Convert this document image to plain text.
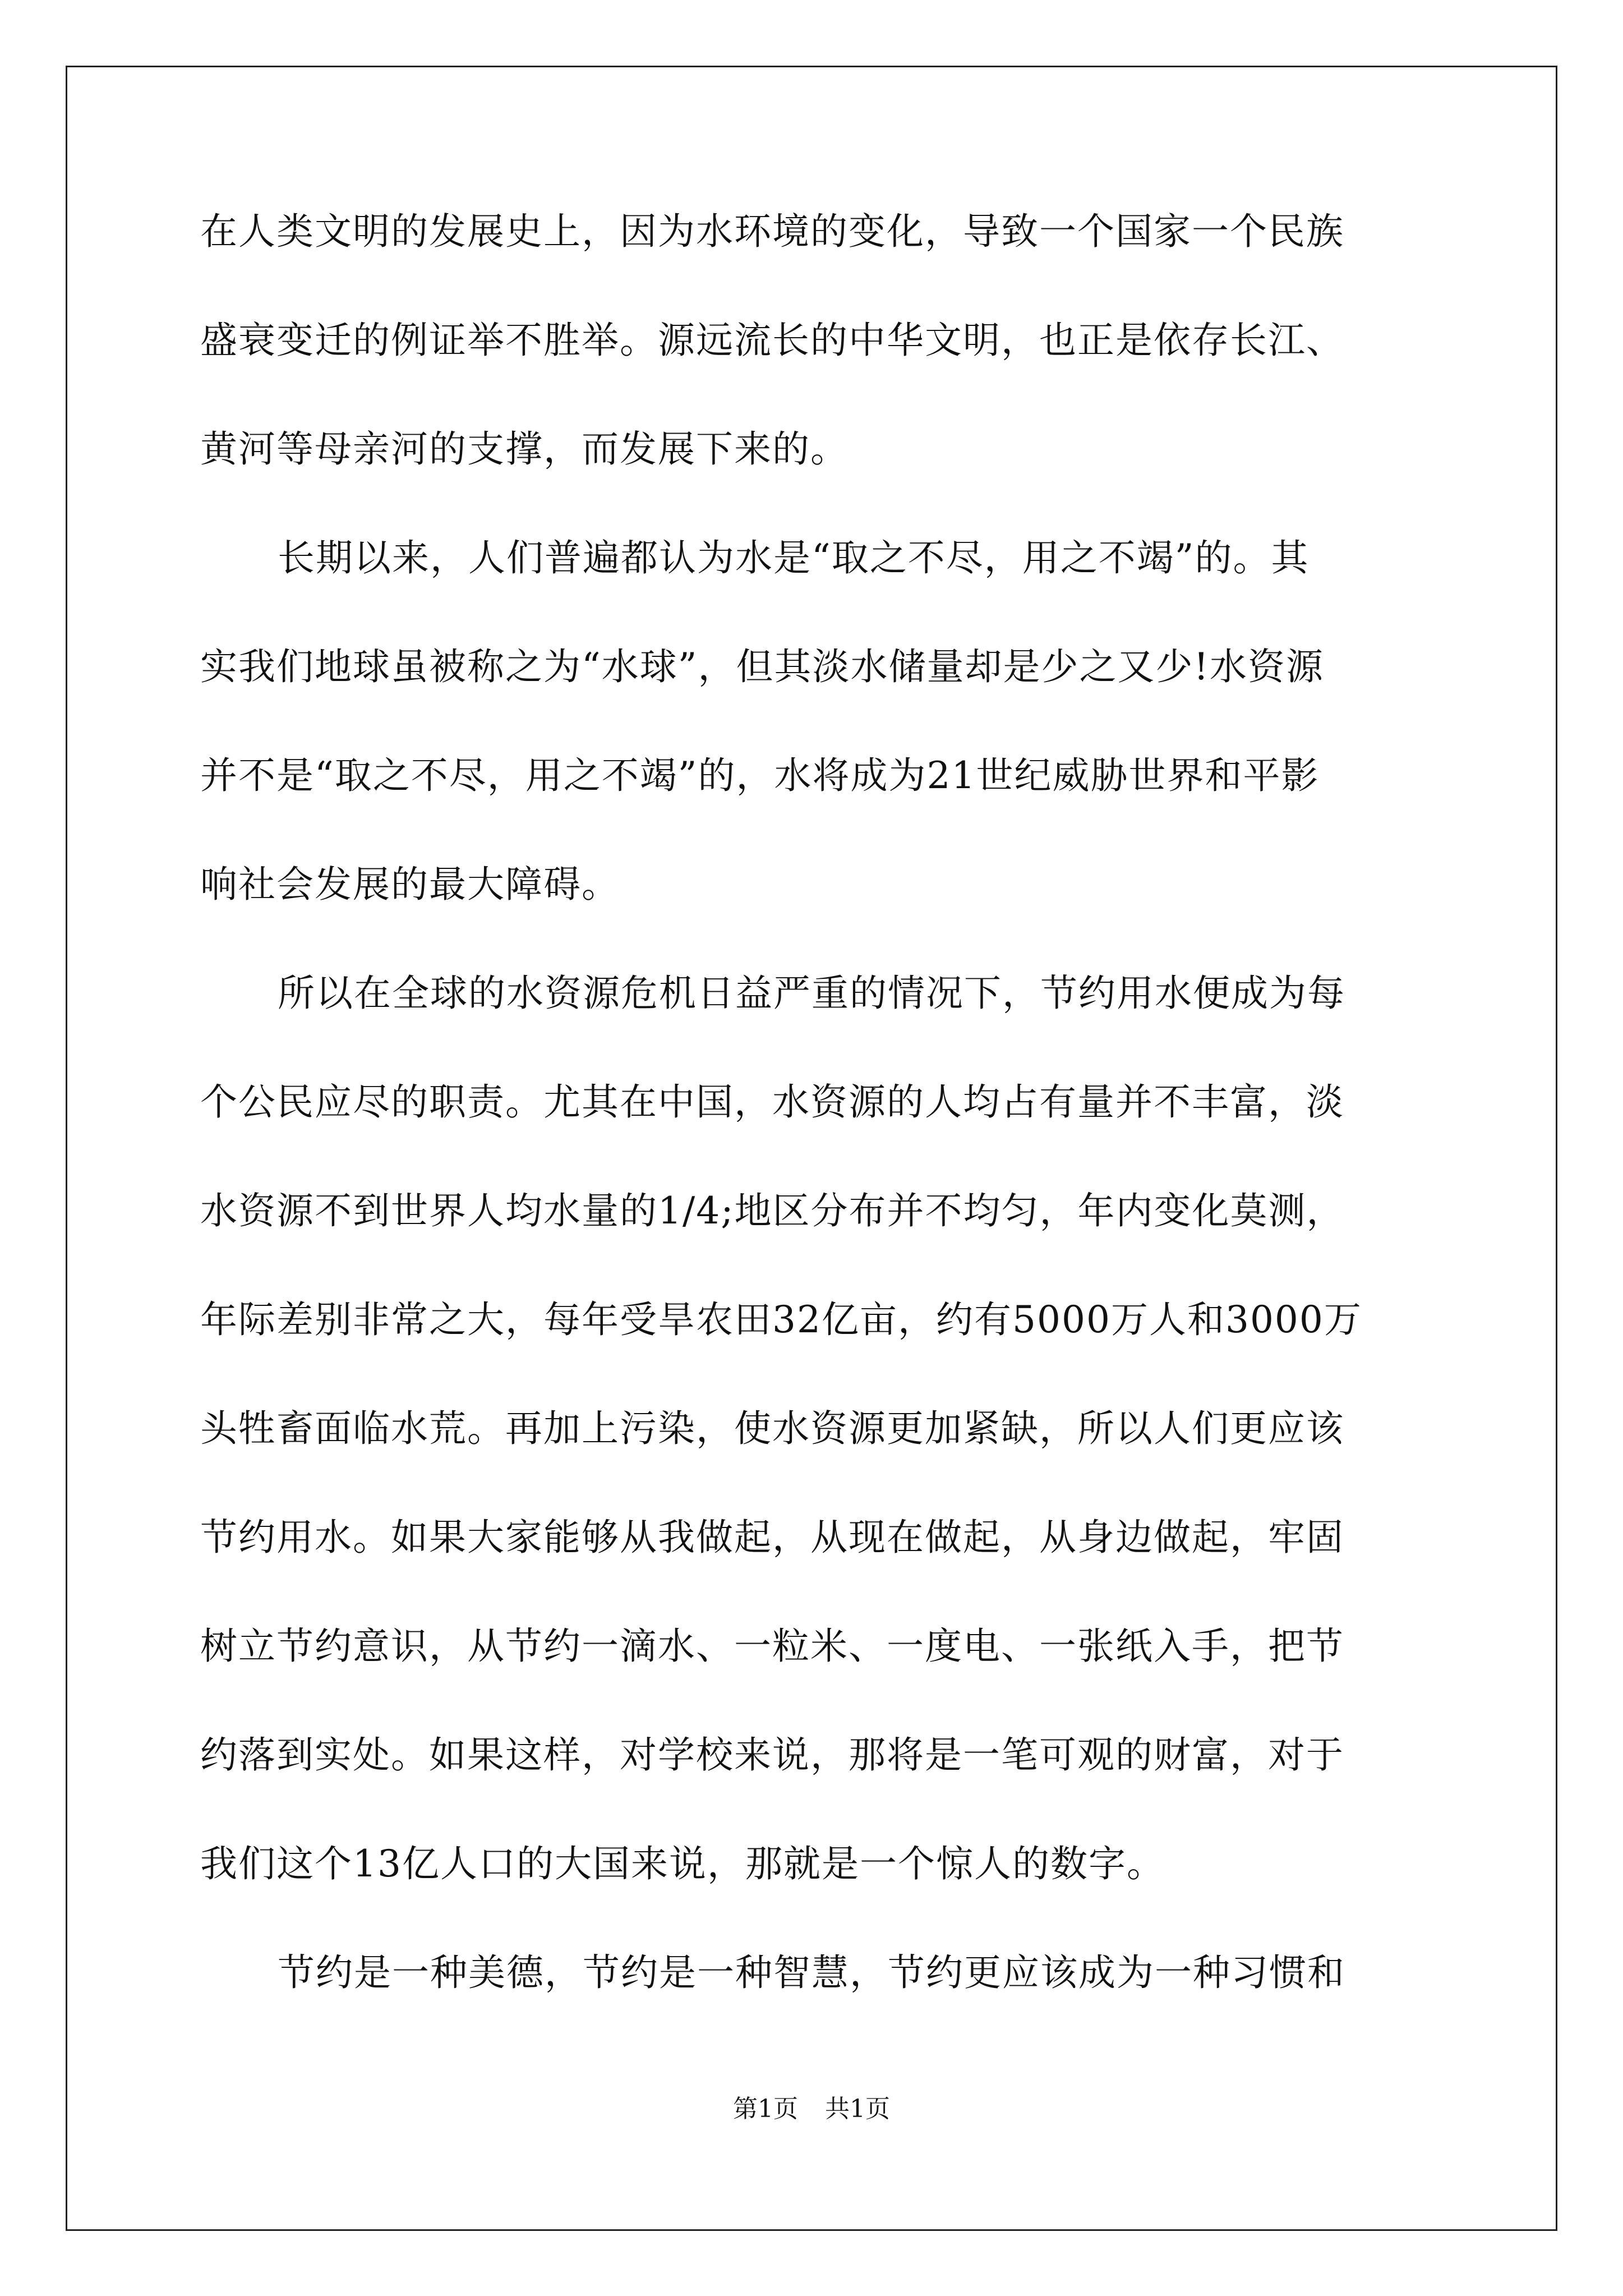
在人类文明的发展史上，因为水环境的变化，导致一个国家一个民族
盛衰变迁的例证举不胜举。源远流长的中华文明，也正是依存长江、
黄河等母亲河的支撑，而发展下来的。
长期以来，人们普遍都认为水是“取之不尽，用之不竭”的。其
实我们地球虽被称之为“水球”，但其淡水储量却是少之又少!水资源
并不是“取之不尽，用之不竭”的，水将成为21世纪威胁世界和平影
响社会发展的最大障碍。
所以在全球的水资源危机日益严重的情况下，节约用水便成为每
个公民应尽的职责。尤其在中国，水资源的人均占有量并不丰富，淡
水资源不到世界人均水量的1/4;地区分布并不均匀，年内变化莫测，
年际差别非常之大，每年受旱农田32亿亩，约有5000万人和3000万
头牲畜面临水荒。再加上污染，使水资源更加紧缺，所以人们更应该
节约用水。如果大家能够从我做起，从现在做起，从身边做起，牢固
树立节约意识，从节约一滴水、一粒米、一度电、一张纸入手，把节
约落到实处。如果这样，对学校来说，那将是一笔可观的财富，对于
我们这个13亿人口的大国来说，那就是一个惊人的数字。
节约是一种美德，节约是一种智慧，节约更应该成为一种习惯和
第1页 共1页
